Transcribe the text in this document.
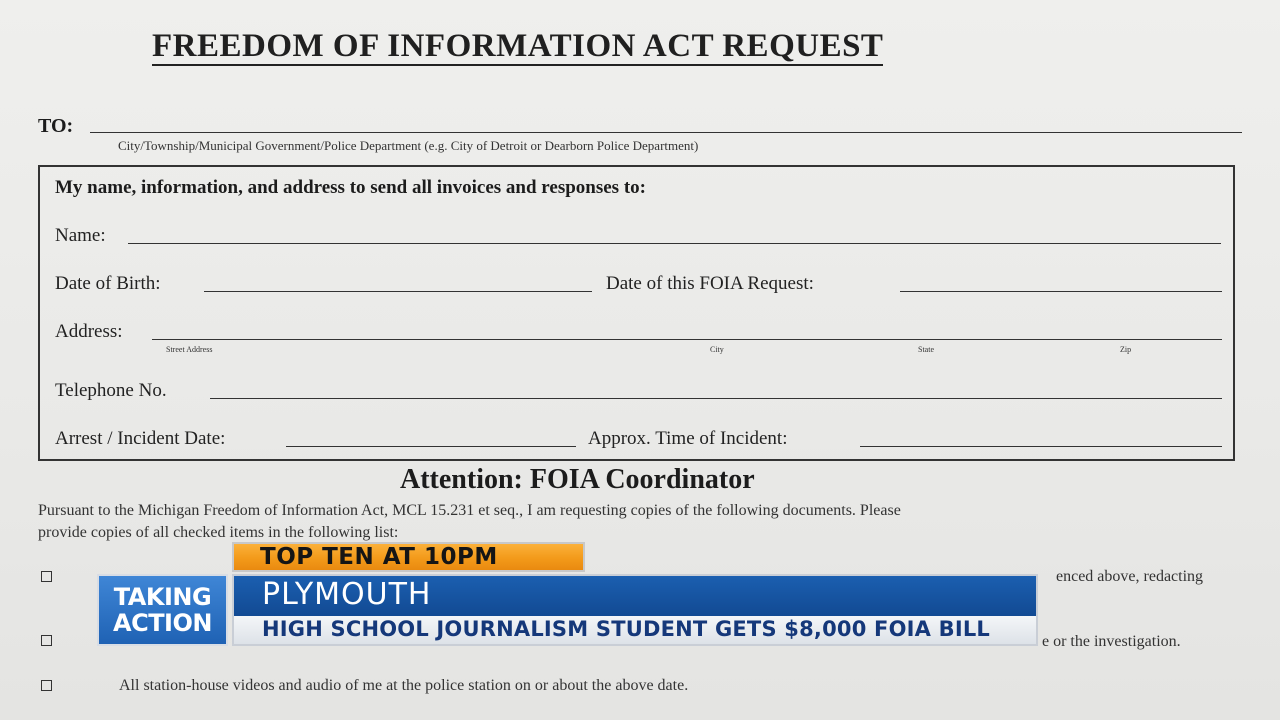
FREEDOM OF INFORMATION ACT REQUEST
TO:
City/Township/Municipal Government/Police Department (e.g. City of Detroit or Dearborn Police Department)
My name, information, and address to send all invoices and responses to:
Name:
Date of Birth:	Date of this FOIA Request:
Address:
Street Address	City	State	Zip
Telephone No.
Arrest / Incident Date:	Approx. Time of Incident:
Attention: FOIA Coordinator
Pursuant to the Michigan Freedom of Information Act, MCL 15.231 et seq., I am requesting copies of the following documents. Please
provide copies of all checked items in the following list:
enced above, redacting
e or the investigation.
All station-house videos and audio of me at the police station on or about the above date.
TOP TEN AT 10PM
TAKING
ACTION
PLYMOUTH
HIGH SCHOOL JOURNALISM STUDENT GETS $8,000 FOIA BILL
